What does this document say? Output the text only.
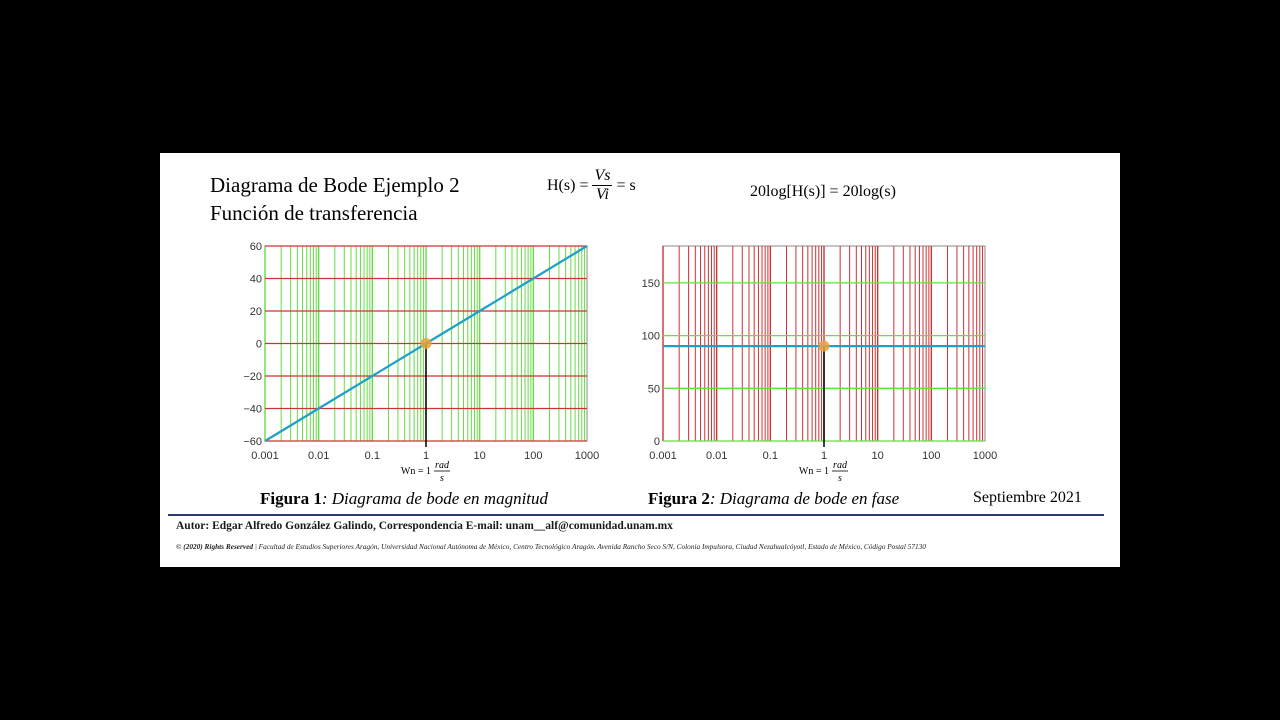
Diagrama de Bode Ejemplo 2
Función de transferencia
$H(s) = \frac{Vs}{Vi} = s$	20log[H(s)] = 20log(s)
60
40
20
0
−20
−40
−60
0.001	0.01	0.1	1	10	100	1000
Wn = 1
rad
s
150
100
50
0
0.001	0.01	0.1	1	10	100	1000
Wn = 1
rad
s
Figura 1: Diagrama de bode en magnitud	Figura 2: Diagrama de bode en fase	Septiembre 2021
Autor: Edgar Alfredo González Galindo, Correspondencia E-mail: unam__alf@comunidad.unam.mx
© (2020) Rights Reserved | Facultad de Estudios Superiores Aragón, Universidad Nacional Autónoma de México, Centro Tecnológico Aragón. Avenida Rancho Seco S/N, Colonia Impulsora, Ciudad Nezahualcóyotl, Estado de México, Código Postal 57130
